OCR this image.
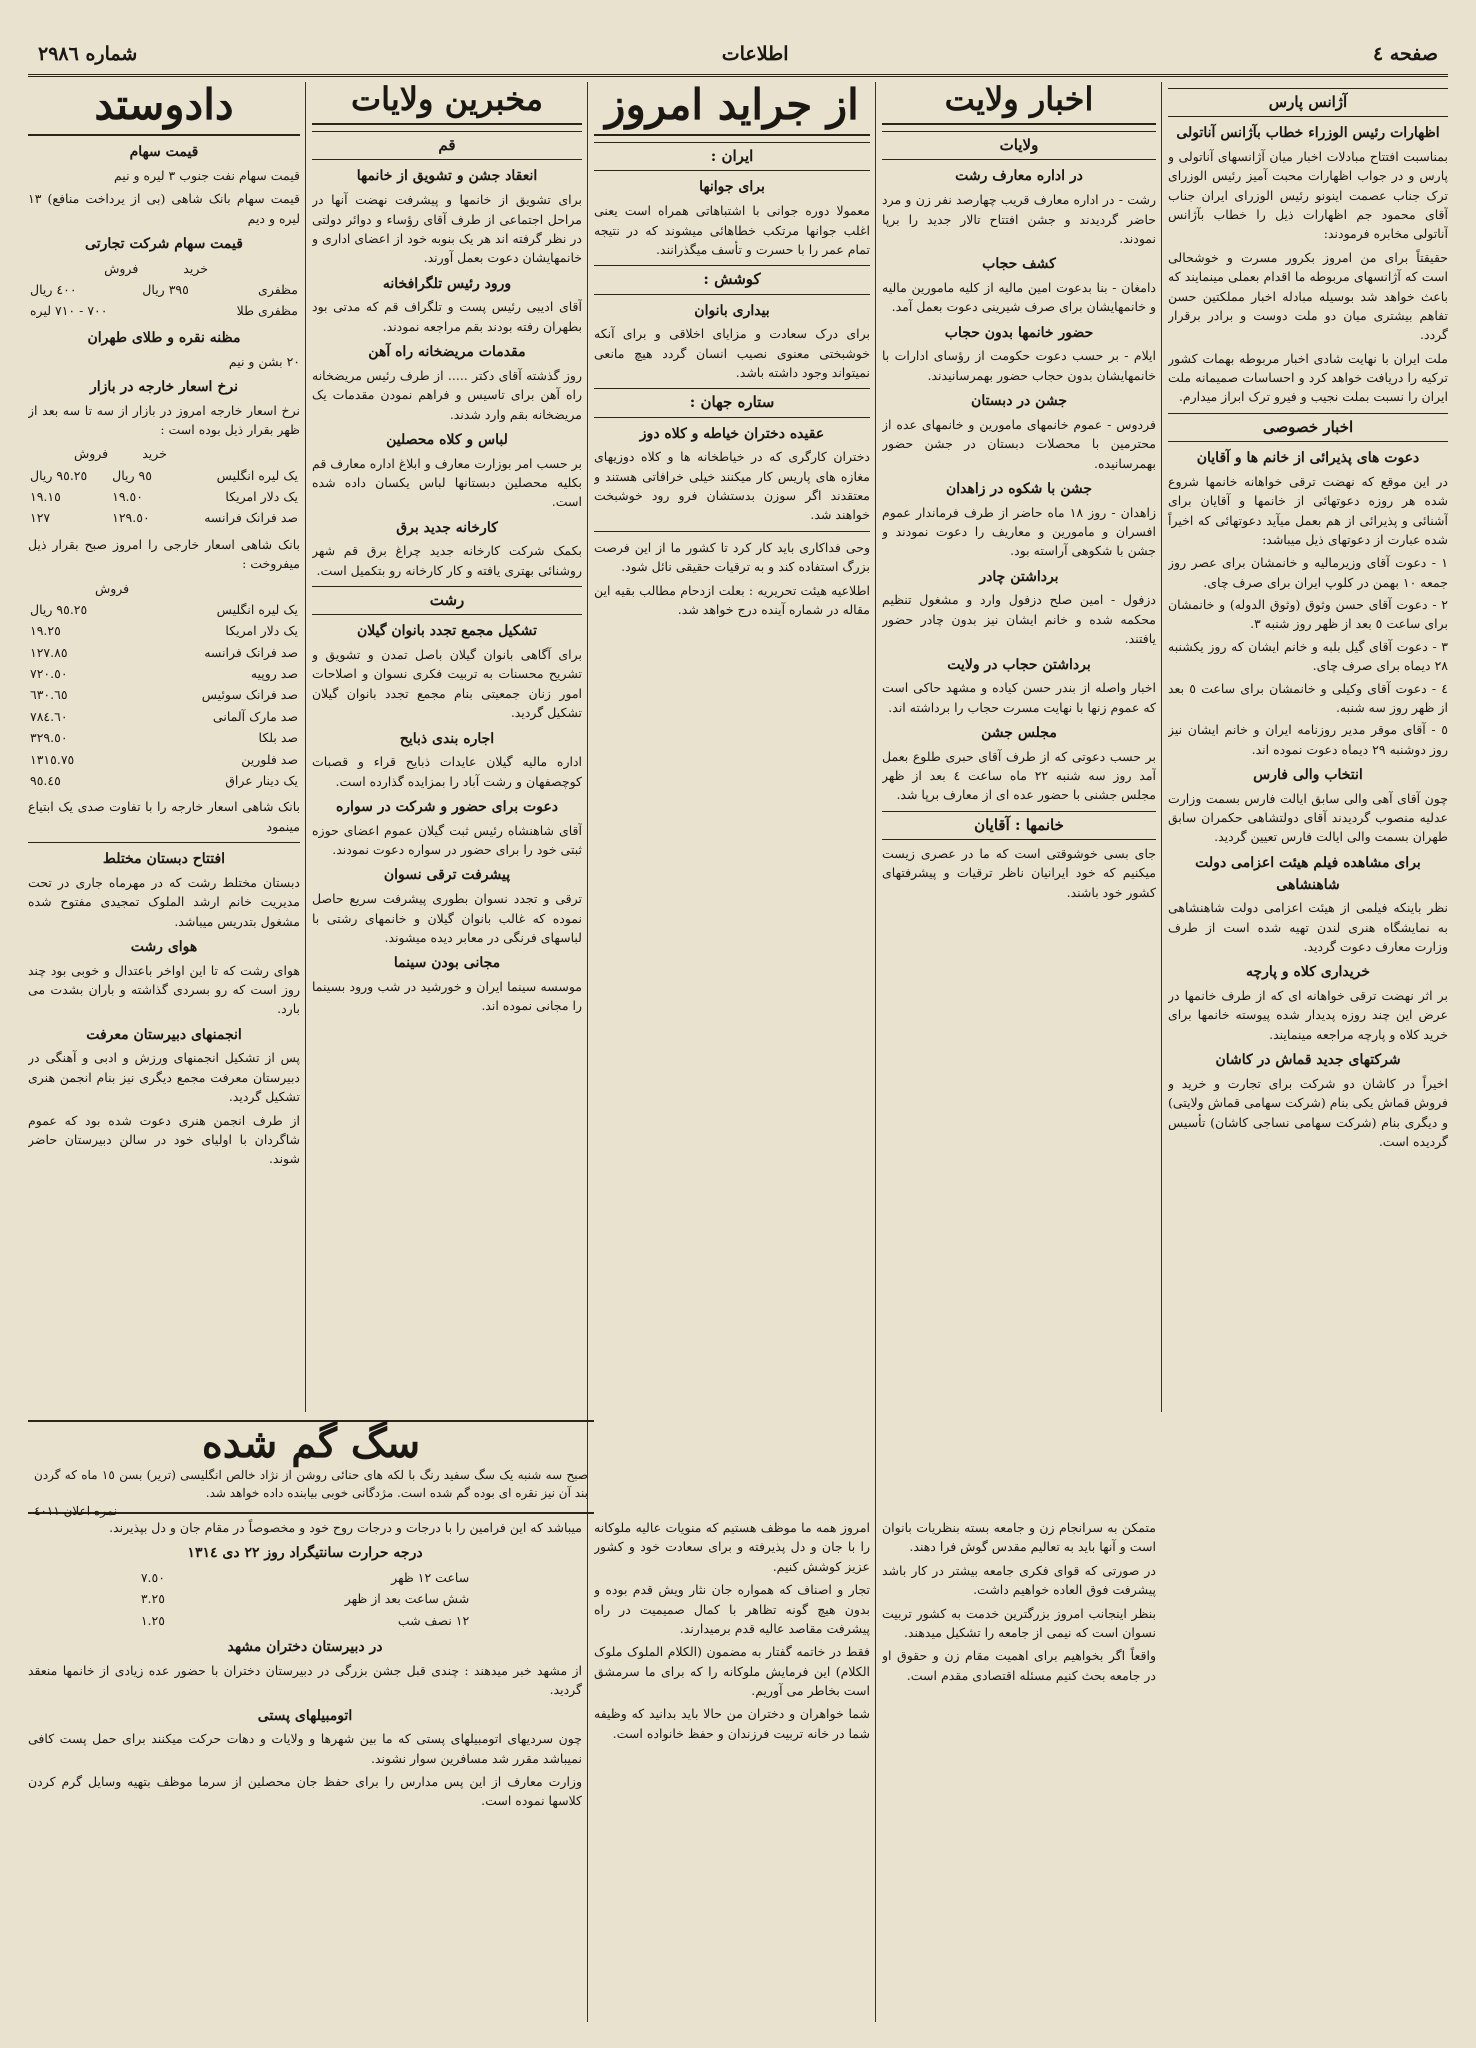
صفحه ٤
اطلاعات
شماره ٢٩٨٦
آژانس پارس
اظهارات رئیس الوزراء خطاب بآژانس آناتولی

بمناسبت افتتاح مبادلات اخبار میان آژانسهای آناتولی و پارس و در جواب اظهارات محبت آمیز رئیس الوزرای ترک جناب عصمت اینونو رئیس الوزرای ایران جناب آقای محمود جم اظهارات ذیل را خطاب بآژانس آناتولی مخابره فرمودند:

حقیقتاً برای من امروز بکرور مسرت و خوشحالی است که آژانسهای مربوطه ما اقدام بعملی مینمایند که باعث خواهد شد بوسیله مبادله اخبار مملکتین حسن تفاهم بیشتری میان دو ملت دوست و برادر برقرار گردد.

ملت ایران با نهایت شادی اخبار مربوطه بهمات کشور ترکیه را دریافت خواهد کرد و احساسات صمیمانه ملت ایران را نسبت بملت نجیب و فیرو ترک ابراز میدارم.

اخبار خصوصی
دعوت های پذیرائی از خانم ها و آقایان

در این موقع که نهضت ترقی خواهانه خانمها شروع شده هر روزه دعوتهائی از خانمها و آقایان برای آشنائی و پذیرائی از هم بعمل میآید دعوتهائی که اخیراً شده عبارت از دعوتهای ذیل میباشد:

١ - دعوت آقای وزیرمالیه و خانمشان برای عصر روز جمعه ١٠ بهمن در کلوپ ایران برای صرف چای.
٢ - دعوت آقای حسن وثوق (وثوق الدوله) و خانمشان برای ساعت ٥ بعد از ظهر روز شنبه ٣.
٣ - دعوت آقای گیل بلبه و خانم ایشان که روز یکشنبه ٢٨ دیماه برای صرف چای.
٤ - دعوت آقای وکیلی و خانمشان برای ساعت ٥ بعد از ظهر روز سه شنبه.
٥ - آقای موقر مدیر روزنامه ایران و خانم ایشان نیز روز دوشنبه ٢٩ دیماه دعوت نموده اند.
انتخاب والی فارس

چون آقای آهی والی سابق ایالت فارس بسمت وزارت عدلیه منصوب گردیدند آقای دولتشاهی حکمران سابق طهران بسمت والی ایالت فارس تعیین گردید.

برای مشاهده فیلم هیئت اعزامی دولت شاهنشاهی

نظر باینکه فیلمی از هیئت اعزامی دولت شاهنشاهی به نمایشگاه هنری لندن تهیه شده است از طرف وزارت معارف دعوت گردید.

خریداری کلاه و پارچه

بر اثر نهضت ترقی خواهانه ای که از طرف خانمها در عرض این چند روزه پدیدار شده پیوسته خانمها برای خرید کلاه و پارچه مراجعه مینمایند.

شرکتهای جدید قماش در کاشان

اخیراً در کاشان دو شرکت برای تجارت و خرید و فروش قماش یکی بنام (شرکت سهامی قماش ولایتی) و دیگری بنام (شرکت سهامی نساجی کاشان) تأسیس گردیده است.

اخبار ولایت
ولایات
در اداره معارف رشت

رشت - در اداره معارف قریب چهارصد نفر زن و مرد حاضر گردیدند و جشن افتتاح تالار جدید را برپا نمودند.

کشف حجاب

دامغان - بنا بدعوت امین مالیه از کلیه مامورین مالیه و خانمهایشان برای صرف شیرینی دعوت بعمل آمد.

حضور خانمها بدون حجاب

ایلام - بر حسب دعوت حکومت از رؤسای ادارات با خانمهایشان بدون حجاب حضور بهمرسانیدند.

جشن در دبستان

فردوس - عموم خانمهای مامورین و خانمهای عده از محترمین با محصلات دبستان در جشن حضور بهمرسانیده.

جشن با شکوه در زاهدان

زاهدان - روز ١٨ ماه حاضر از طرف فرماندار عموم افسران و مامورین و معاریف را دعوت نمودند و جشن با شکوهی آراسته بود.

برداشتن چادر

دزفول - امین صلح دزفول وارد و مشغول تنظیم محکمه شده و خانم ایشان نیز بدون چادر حضور یافتند.

برداشتن حجاب در ولایت

اخبار واصله از بندر حسن کیاده و مشهد حاکی است که عموم زنها با نهایت مسرت حجاب را برداشته اند.

مجلس جشن

بر حسب دعوتی که از طرف آقای حبری طلوع بعمل آمد روز سه شنبه ٢٢ ماه ساعت ٤ بعد از ظهر مجلس جشنی با حضور عده ای از معارف برپا شد.

خانمها : آقایان

جای بسی خوشوقتی است که ما در عصری زیست میکنیم که خود ایرانیان ناظر ترقیات و پیشرفتهای کشور خود باشند.

از جراید امروز
ایران :
برای جوانها

معمولا دوره جوانی با اشتباهاتی همراه است یعنی اغلب جوانها مرتکب خطاهائی میشوند که در نتیجه تمام عمر را با حسرت و تأسف میگذرانند.

کوشش :
بیداری بانوان

برای درک سعادت و مزایای اخلاقی و برای آنکه خوشبختی معنوی نصیب انسان گردد هیچ مانعی نمیتواند وجود داشته باشد.

ستاره جهان :
عقیده دختران خیاطه و کلاه دوز

دختران کارگری که در خیاطخانه ها و کلاه دوزیهای مغازه های پاریس کار میکنند خیلی خرافاتی هستند و معتقدند اگر سوزن بدستشان فرو رود خوشبخت خواهند شد.

وحی فداکاری باید کار کرد تا کشور ما از این فرصت بزرگ استفاده کند و به ترقیات حقیقی نائل شود.

اطلاعیه هیئت تحریریه : بعلت ازدحام مطالب بقیه این مقاله در شماره آینده درج خواهد شد.

مخبرین ولایات
قم
انعقاد جشن و تشویق از خانمها

برای تشویق از خانمها و پیشرفت نهضت آنها در مراحل اجتماعی از طرف آقای رؤساء و دوائر دولتی در نظر گرفته اند هر یک بنوبه خود از اعضای اداری و خانمهایشان دعوت بعمل آورند.

ورود رئیس تلگرافخانه

آقای ادیبی رئیس پست و تلگراف قم که مدتی بود بطهران رفته بودند بقم مراجعه نمودند.

مقدمات مریضخانه راه آهن

روز گذشته آقای دکتر ..... از طرف رئیس مریضخانه راه آهن برای تاسیس و فراهم نمودن مقدمات یک مریضخانه بقم وارد شدند.

لباس و کلاه محصلین

بر حسب امر بوزارت معارف و ابلاغ اداره معارف قم بکلیه محصلین دبستانها لباس یکسان داده شده است.

کارخانه جدید برق

بکمک شرکت کارخانه جدید چراغ برق قم شهر روشنائی بهتری یافته و کار کارخانه رو بتکمیل است.

رشت
تشکیل مجمع تجدد بانوان گیلان

برای آگاهی بانوان گیلان باصل تمدن و تشویق و تشریح محسنات به تربیت فکری نسوان و اصلاحات امور زنان جمعیتی بنام مجمع تجدد بانوان گیلان تشکیل گردید.

اجاره بندی ذبایح

اداره مالیه گیلان عایدات ذبایح قراء و قصبات کوچصفهان و رشت آباد را بمزایده گذارده است.

دعوت برای حضور و شرکت در سواره

آقای شاهنشاه رئیس ثبت گیلان عموم اعضای حوزه ثبتی خود را برای حضور در سواره دعوت نمودند.

پیشرفت ترقی نسوان

ترقی و تجدد نسوان بطوری پیشرفت سریع حاصل نموده که غالب بانوان گیلان و خانمهای رشتی با لباسهای فرنگی در معابر دیده میشوند.

مجانی بودن سینما

موسسه سینما ایران و خورشید در شب ورود بسینما را مجانی نموده اند.

دادوستد
قیمت سهام
قیمت سهام نفت جنوب ٣ لیره و نیم
قیمت سهام بانک شاهی (بی از یرداخت منافع) ١٣ لیره و دیم
قیمت سهام شرکت تجارتی
	خرید	فروش
مظفری	٣٩٥ ریال	٤٠٠ ریال
مظفری طلا		٧٠٠ - ٧١٠ لیره
مظنه نقره و طلای طهران
٢٠ بشن و نیم
نرخ اسعار خارجه در بازار

نرخ اسعار خارجه امروز در بازار از سه تا سه بعد از ظهر بقرار ذیل بوده است :

	خرید	فروش
یک لیره انگلیس	٩٥ ریال	٩٥.٢٥ ریال
یک دلار امریکا	١٩.٥٠	١٩.١٥
صد فرانک فرانسه	١٢٩.٥٠	١٢٧

بانک شاهی اسعار خارجی را امروز صبح بقرار ذیل میفروخت :

	فروش
یک لیره انگلیس	٩٥.٢٥ ریال
یک دلار امریکا	١٩.٢٥
صد فرانک فرانسه	١٢٧.٨٥
صد روپیه	٧٢٠.٥٠
صد فرانک سوئیس	٦٣٠.٦٥
صد مارک آلمانی	٧٨٤.٦٠
صد بلکا	٣٢٩.٥٠
صد فلورین	١٣١٥.٧٥
یک دینار عراق	٩٥.٤٥

بانک شاهی اسعار خارجه را با تفاوت صدی یک ابتیاع مینمود

افتتاح دبستان مختلط

دبستان مختلط رشت که در مهرماه جاری در تحت مدیریت خانم ارشد الملوک تمجیدی مفتوح شده مشغول بتدریس میباشد.

هوای رشت

هوای رشت که تا این اواخر باعتدال و خوبی بود چند روز است که رو بسردی گذاشته و باران بشدت می بارد.

انجمنهای دبیرستان معرفت

پس از تشکیل انجمنهای ورزش و ادبی و آهنگی در دبیرستان معرفت مجمع دیگری نیز بنام انجمن هنری تشکیل گردید.

از طرف انجمن هنری دعوت شده بود که عموم شاگردان با اولیای خود در سالن دبیرستان حاضر شوند.

سگ گم شده
صبح سه شنبه یک سگ سفید رنگ با لکه های حنائی روشن از نژاد خالص انگلیسی (تریر) بسن ١٥ ماه که گردن بند آن نیز نقره ای بوده گم شده است. مژدگانی خوبی بیابنده داده خواهد شد.
نمره اعلان ٤٠١١

متمکن به سرانجام زن و جامعه بسته بنظریات بانوان است و آنها باید به تعالیم مقدس گوش فرا دهند.

در صورتی که قوای فکری جامعه بیشتر در کار باشد پیشرفت فوق العاده خواهیم داشت.

بنظر اینجانب امروز بزرگترین خدمت به کشور تربیت نسوان است که نیمی از جامعه را تشکیل میدهند.

واقعاً اگر بخواهیم برای اهمیت مقام زن و حقوق او در جامعه بحث کنیم مسئله اقتصادی مقدم است.

امروز همه ما موظف هستیم که منویات عالیه ملوکانه را با جان و دل پذیرفته و برای سعادت خود و کشور عزیز کوشش کنیم.

تجار و اصناف که همواره جان نثار ویش قدم بوده و بدون هیچ گونه تظاهر با کمال صمیمیت در راه پیشرفت مقاصد عالیه قدم برمیدارند.

فقط در خاتمه گفتار به مضمون (الکلام الملوک ملوک الکلام) این فرمایش ملوکانه را که برای ما سرمشق است بخاطر می آوریم.

شما خواهران و دختران من حالا باید بدانید که وظیفه شما در خانه تربیت فرزندان و حفظ خانواده است.

میباشد که این فرامین را با درجات و درجات روح خود و مخصوصاً در مقام جان و دل بپذیرند.

درجه حرارت سانتیگراد روز ٢٢ دی ١٣١٤
ساعت ١٢ ظهر	٧.٥٠
شش ساعت بعد از ظهر	٣.٢٥
١٢ نصف شب	١.٢٥
در دبیرستان دختران مشهد

از مشهد خبر میدهند : چندی قبل جشن بزرگی در دبیرستان دختران با حضور عده زیادی از خانمها منعقد گردید.

اتومبیلهای پستی

چون سردیهای اتومبیلهای پستی که ما بین شهرها و ولایات و دهات حرکت میکنند برای حمل پست کافی نمیباشد مقرر شد مسافرین سوار نشوند.

وزارت معارف از این پس مدارس را برای حفظ جان محصلین از سرما موظف بتهیه وسایل گرم کردن کلاسها نموده است.
